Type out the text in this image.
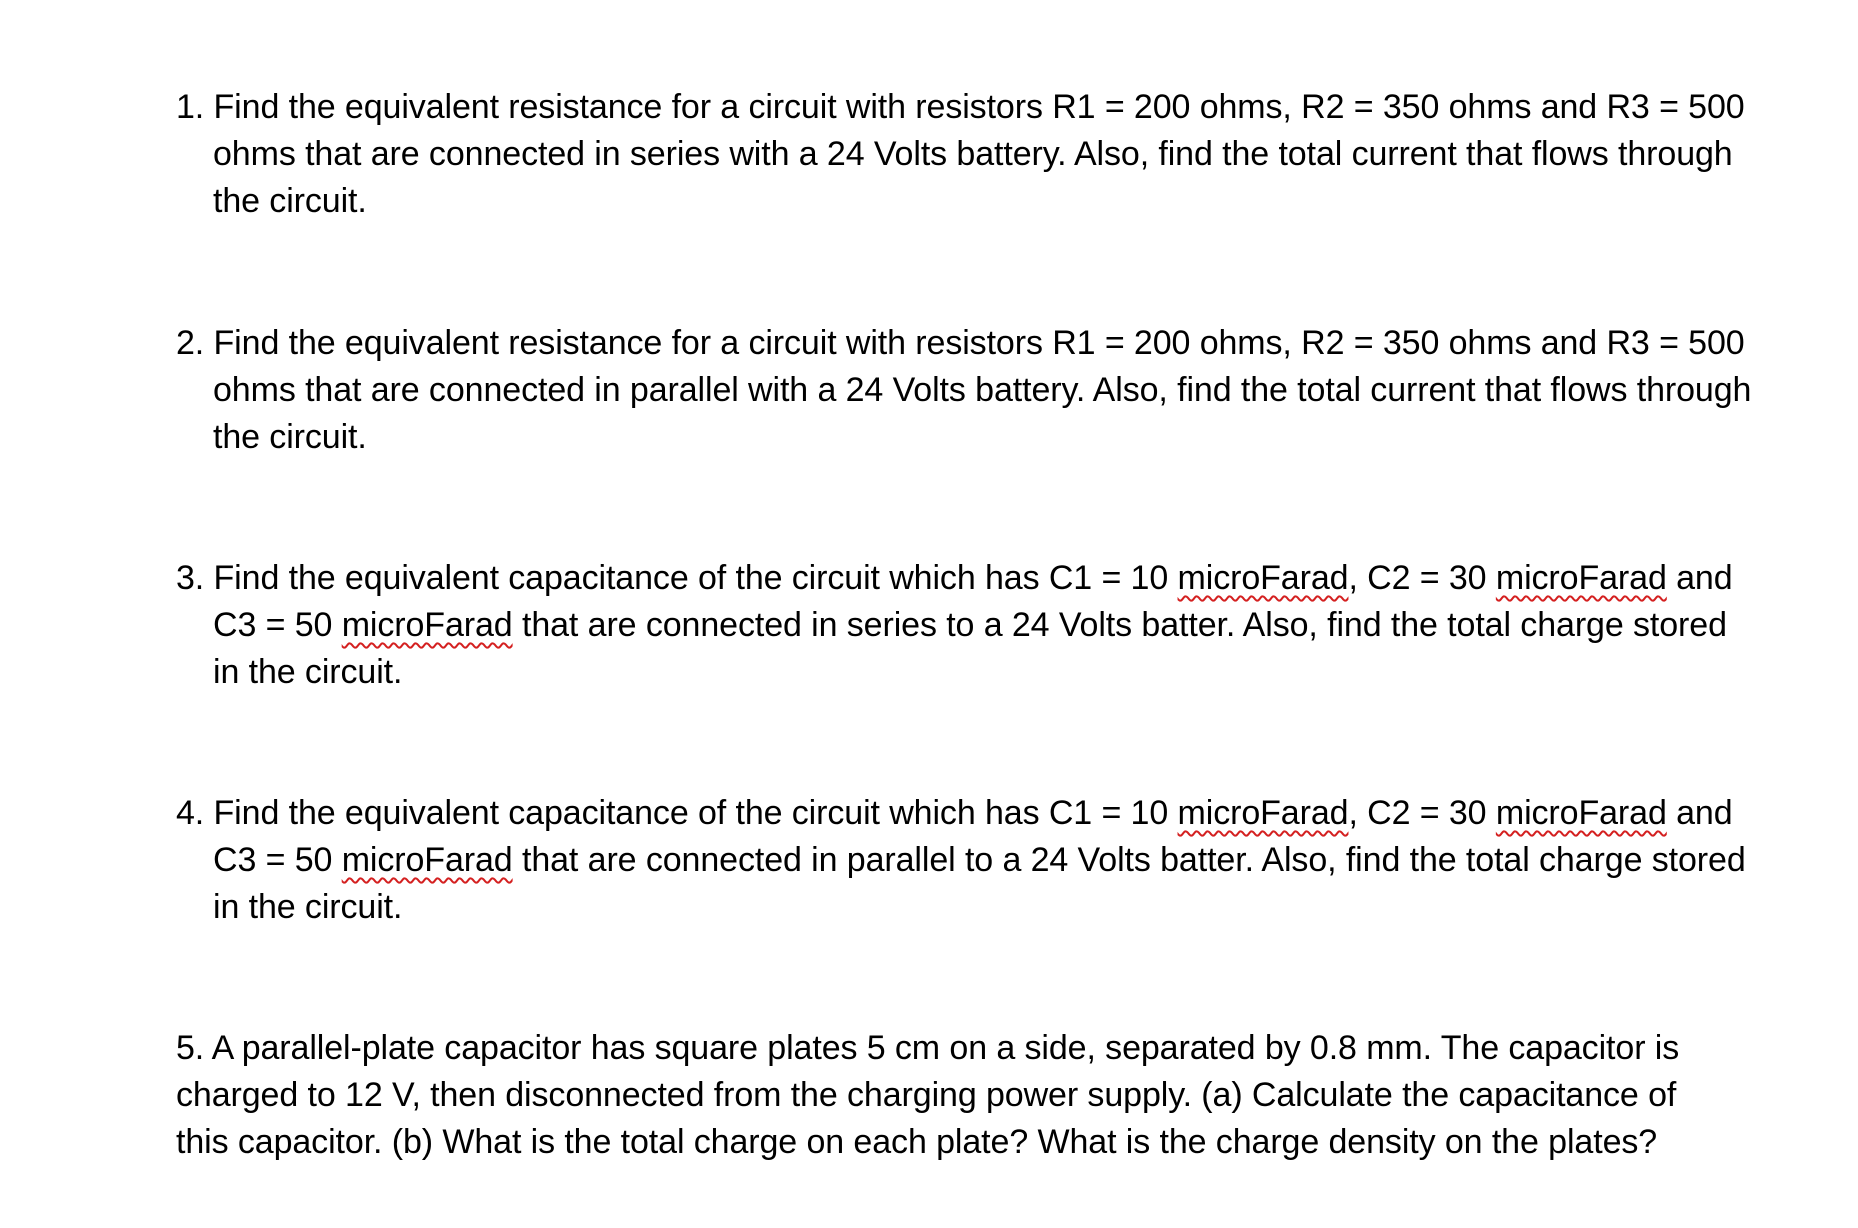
1. Find the equivalent resistance for a circuit with resistors R1 = 200 ohms, R2 = 350 ohms and R3 = 500 ohms that are connected in series with a 24 Volts battery. Also, find the total current that flows through the circuit.
2. Find the equivalent resistance for a circuit with resistors R1 = 200 ohms, R2 = 350 ohms and R3 = 500 ohms that are connected in parallel with a 24 Volts battery. Also, find the total current that flows through the circuit.
3. Find the equivalent capacitance of the circuit which has C1 = 10 microFarad, C2 = 30 microFarad and C3 = 50 microFarad that are connected in series to a 24 Volts batter. Also, find the total charge stored in the circuit.
4. Find the equivalent capacitance of the circuit which has C1 = 10 microFarad, C2 = 30 microFarad and C3 = 50 microFarad that are connected in parallel to a 24 Volts batter. Also, find the total charge stored in the circuit.
5. A parallel-plate capacitor has square plates 5 cm on a side, separated by 0.8 mm. The capacitor is charged to 12 V, then disconnected from the charging power supply. (a) Calculate the capacitance of this capacitor. (b) What is the total charge on each plate? What is the charge density on the plates?
